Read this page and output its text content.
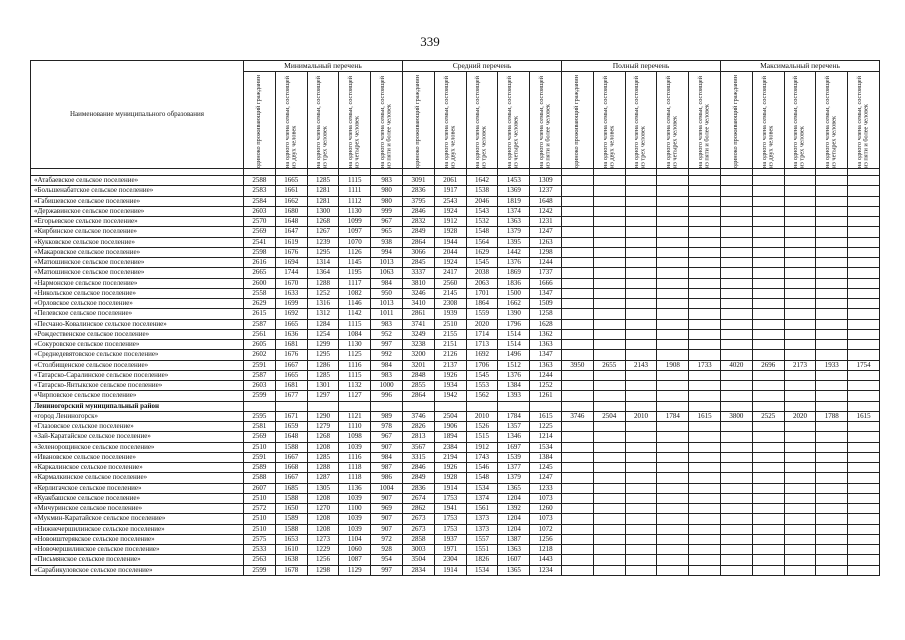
339
Наименование муниципального образования	Минимальный перечень					Средний перечень					Полный перечень					Максимальный перечень				

	одиноко проживающий гражданин	на одного члена семьи, состоящей из двух человек	на одного члена семьи, состоящей из трех человек	на одного члена семьи, состоящей из четырех человек	на одного члена семьи, состоящей из пяти и более человек	одиноко проживающий гражданин	на одного члена семьи, состоящей из двух человек	на одного члена семьи, состоящей из трех человек	на одного члена семьи, состоящей из четырех человек	на одного члена семьи, состоящей из пяти и более человек	одиноко проживающий гражданин	на одного члена семьи, состоящей из двух человек	на одного члена семьи, состоящей из трех человек	на одного члена семьи, состоящей из четырех человек	на одного члена семьи, состоящей из пяти и более человек	одиноко проживающий гражданин	на одного члена семьи, состоящей из двух человек	на одного члена семьи, состоящей из трех человек	на одного члена семьи, состоящей из четырех человек	на одного члена семьи, состоящей из пяти и более человек

«Атабаевское сельское поселение»	2588	1665	1285	1115	983	3091	2061	1642	1453	1309										
«Большенабатское сельское поселение»	2583	1661	1281	1111	980	2836	1917	1538	1369	1237										
«Габишевское сельское поселение»	2584	1662	1281	1112	980	3795	2543	2046	1819	1648										
«Державинское сельское поселение»	2603	1680	1300	1130	999	2846	1924	1543	1374	1242										
«Егорьевское сельское поселение»	2570	1648	1268	1099	967	2832	1912	1532	1363	1231										
«Кирбинское сельское поселение»	2569	1647	1267	1097	965	2849	1928	1548	1379	1247										
«Кукковское сельское поселение»	2541	1619	1239	1070	938	2864	1944	1564	1395	1263										
«Макаровское сельское поселение»	2598	1676	1295	1126	994	3066	2044	1629	1442	1298										
«Матюшинское сельское поселение»	2616	1694	1314	1145	1013	2845	1924	1545	1376	1244										
«Матюшинское сельское поселение»	2665	1744	1364	1195	1063	3337	2417	2038	1869	1737										
«Нармонское сельское поселение»	2600	1670	1288	1117	984	3810	2560	2063	1836	1666										
«Никольское сельское поселение»	2558	1633	1252	1082	950	3246	2145	1701	1500	1347										
«Орловское сельское поселение»	2629	1699	1316	1146	1013	3410	2308	1864	1662	1509										
«Пелевское сельское поселение»	2615	1692	1312	1142	1011	2861	1939	1559	1390	1258										
«Песчано-Ковалинское сельское поселение»	2587	1665	1284	1115	983	3741	2510	2020	1796	1628										
«Рождественское сельское поселение»	2561	1636	1254	1084	952	3249	2155	1714	1514	1362										
«Сокуровское сельское поселение»	2605	1681	1299	1130	997	3238	2151	1713	1514	1363										
«Среднедевятовское сельское поселение»	2602	1676	1295	1125	992	3200	2126	1692	1496	1347										
«Столбищенское сельское поселение»	2591	1667	1286	1116	984	3201	2137	1706	1512	1363	3950	2655	2143	1908	1733	4020	2696	2173	1933	1754
«Татарско-Саралинское сельское поселение»	2587	1665	1285	1115	983	2848	1926	1545	1376	1244										
«Татарско-Янтыкское сельское поселение»	2603	1681	1301	1132	1000	2855	1934	1553	1384	1252										
«Чирповское сельское поселение»	2599	1677	1297	1127	996	2864	1942	1562	1393	1261										
Лениногорский муниципальный район																				
«город Лениногорск»	2595	1671	1290	1121	989	3746	2504	2010	1784	1615	3746	2504	2010	1784	1615	3800	2525	2020	1788	1615
«Глазовское сельское поселение»	2581	1659	1279	1110	978	2826	1906	1526	1357	1225										
«Зай-Каратайское сельское поселение»	2569	1648	1268	1098	967	2813	1894	1515	1346	1214										
«Зеленорощинское сельское поселение»	2510	1588	1208	1039	907	3567	2384	1912	1697	1534										
«Ивановское сельское поселение»	2591	1667	1285	1116	984	3315	2194	1743	1539	1384										
«Каркалинское сельское поселение»	2589	1668	1288	1118	987	2846	1926	1546	1377	1245										
«Кармалкинское сельское поселение»	2588	1667	1287	1118	986	2849	1928	1548	1379	1247										
«Керлигачское сельское поселение»	2607	1685	1305	1136	1004	2836	1914	1534	1365	1233										
«Куакбашское сельское поселение»	2510	1588	1208	1039	907	2674	1753	1374	1204	1073										
«Мичуринское сельское поселение»	2572	1650	1270	1100	969	2862	1941	1561	1392	1260										
«Мукмин-Каратайское сельское поселение»	2510	1589	1208	1039	907	2673	1753	1373	1204	1073										
«Нижнечершилинское сельское поселение»	2510	1588	1208	1039	907	2673	1753	1373	1204	1072										
«Новоиштерякское сельское поселение»	2575	1653	1273	1104	972	2858	1937	1557	1387	1256										
«Новочершилинское сельское поселение»	2533	1610	1229	1060	928	3003	1971	1551	1363	1218										
«Письмянское сельское поселение»	2563	1638	1256	1087	954	3504	2304	1826	1607	1443										
«Сарабикуловское сельское поселение»	2599	1678	1298	1129	997	2834	1914	1534	1365	1234										
